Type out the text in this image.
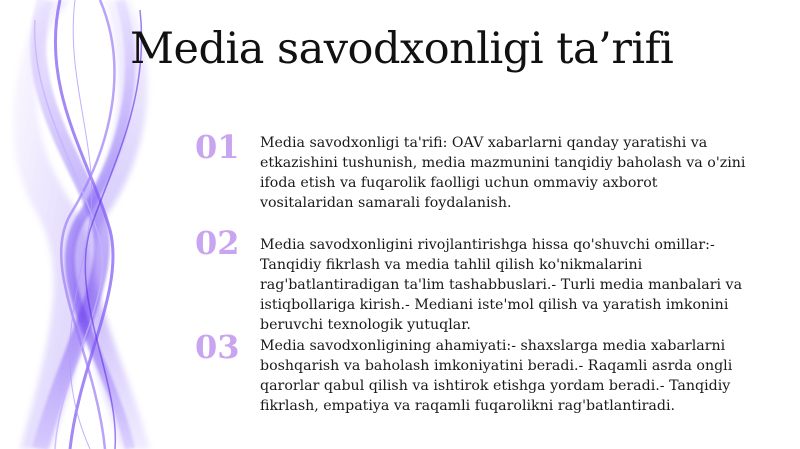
Media savodxonligi ta’rifi
01	Media savodxonligi ta'rifi: OAV xabarlarni qanday yaratishi va etkazishini tushunish, media mazmunini tanqidiy baholash va o'zini ifoda etish va fuqarolik faolligi uchun ommaviy axborot vositalaridan samarali foydalanish.

02	Media savodxonligini rivojlantirishga hissa qo'shuvchi omillar:- Tanqidiy fikrlash va media tahlil qilish ko'nikmalarini rag'batlantiradigan ta'lim tashabbuslari.- Turli media manbalari va istiqbollariga kirish.- Mediani iste'mol qilish va yaratish imkonini beruvchi texnologik yutuqlar.

03	Media savodxonligining ahamiyati:- shaxslarga media xabarlarni boshqarish va baholash imkoniyatini beradi.- Raqamli asrda ongli qarorlar qabul qilish va ishtirok etishga yordam beradi.- Tanqidiy fikrlash, empatiya va raqamli fuqarolikni rag'batlantiradi.
